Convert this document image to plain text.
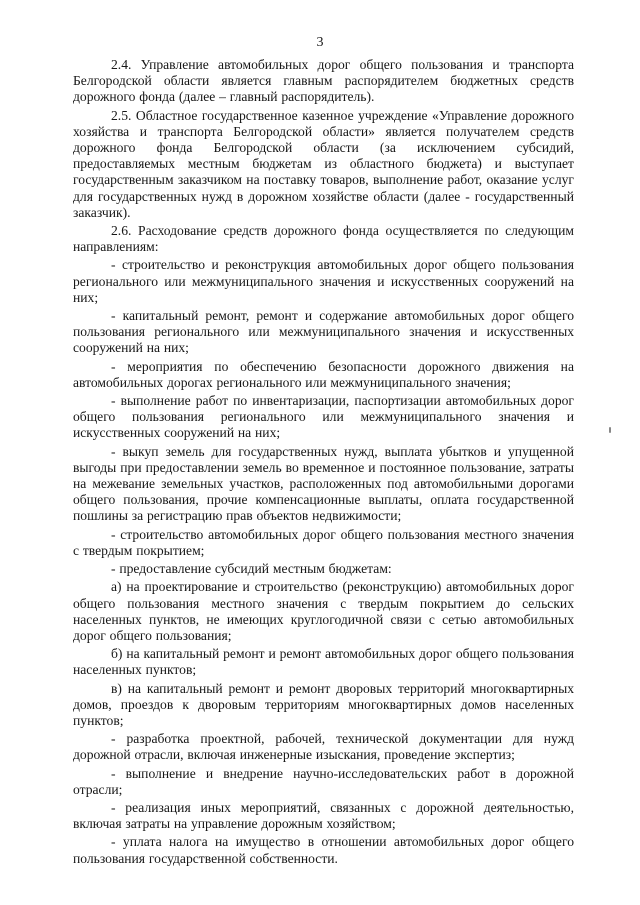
3

2.4. Управление автомобильных дорог общего пользования и транспорта Белгородской области является главным распорядителем бюджетных средств дорожного фонда (далее – главный распорядитель).

2.5. Областное государственное казенное учреждение «Управление дорожного хозяйства и транспорта Белгородской области» является получателем средств дорожного фонда Белгородской области (за исключением субсидий, предоставляемых местным бюджетам из областного бюджета) и выступает государственным заказчиком на поставку товаров, выполнение работ, оказание услуг для государственных нужд в дорожном хозяйстве области (далее - государственный заказчик).

2.6. Расходование средств дорожного фонда осуществляется по следующим направлениям:

- строительство и реконструкция автомобильных дорог общего пользования регионального или межмуниципального значения и искусственных сооружений на них;

- капитальный ремонт, ремонт и содержание автомобильных дорог общего пользования регионального или межмуниципального значения и искусственных сооружений на них;

- мероприятия по обеспечению безопасности дорожного движения на автомобильных дорогах регионального или межмуниципального значения;

- выполнение работ по инвентаризации, паспортизации автомобильных дорог общего пользования регионального или межмуниципального значения и искусственных сооружений на них;

- выкуп земель для государственных нужд, выплата убытков и упущенной выгоды при предоставлении земель во временное и постоянное пользование, затраты на межевание земельных участков, расположенных под автомобильными дорогами общего пользования, прочие компенсационные выплаты, оплата государственной пошлины за регистрацию прав объектов недвижимости;

- строительство автомобильных дорог общего пользования местного значения с твердым покрытием;

- предоставление субсидий местным бюджетам:

а) на проектирование и строительство (реконструкцию) автомобильных дорог общего пользования местного значения с твердым покрытием до сельских населенных пунктов, не имеющих круглогодичной связи с сетью автомобильных дорог общего пользования;

б) на капитальный ремонт и ремонт автомобильных дорог общего пользования населенных пунктов;

в) на капитальный ремонт и ремонт дворовых территорий многоквартирных домов, проездов к дворовым территориям многоквартирных домов населенных пунктов;

- разработка проектной, рабочей, технической документации для нужд дорожной отрасли, включая инженерные изыскания, проведение экспертиз;

- выполнение и внедрение научно-исследовательских работ в дорожной отрасли;

- реализация иных мероприятий, связанных с дорожной деятельностью, включая затраты на управление дорожным хозяйством;

- уплата налога на имущество в отношении автомобильных дорог общего пользования государственной собственности.
